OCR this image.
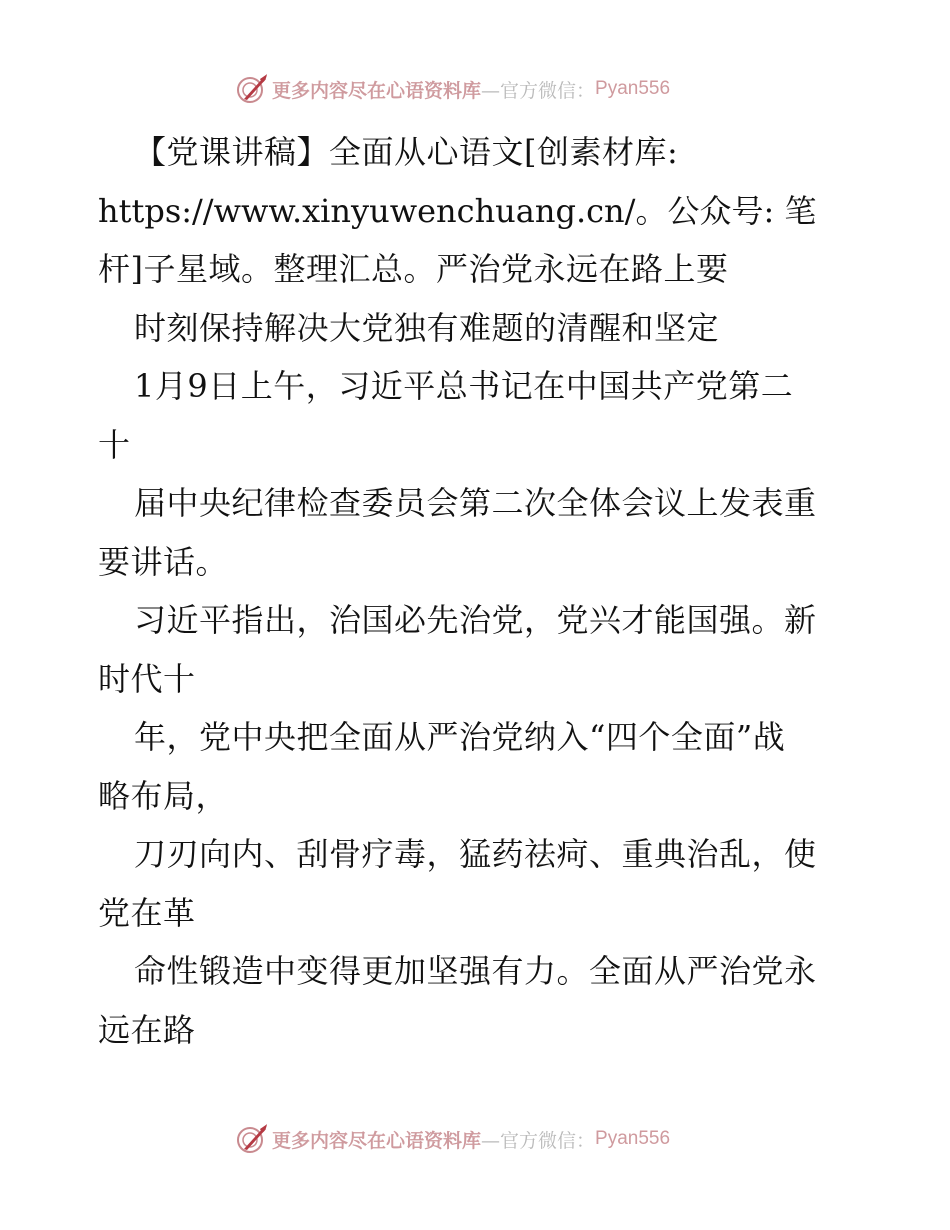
更多内容尽在心语资料库 —官方微信： Pyan556
【党课讲稿】全面从心语文[创素材库:
https://www.xinyuwenchuang.cn/。公众号: 笔
杆]子星域。整理汇总。严治党永远在路上要
时刻保持解决大党独有难题的清醒和坚定
1月9日上午，习近平总书记在中国共产党第二
十
届中央纪律检查委员会第二次全体会议上发表重
要讲话。
习近平指出，治国必先治党，党兴才能国强。新
时代十
年，党中央把全面从严治党纳入“四个全面”战
略布局，
刀刃向内、刮骨疗毒，猛药祛疴、重典治乱，使
党在革
命性锻造中变得更加坚强有力。全面从严治党永
远在路
更多内容尽在心语资料库 —官方微信： Pyan556
